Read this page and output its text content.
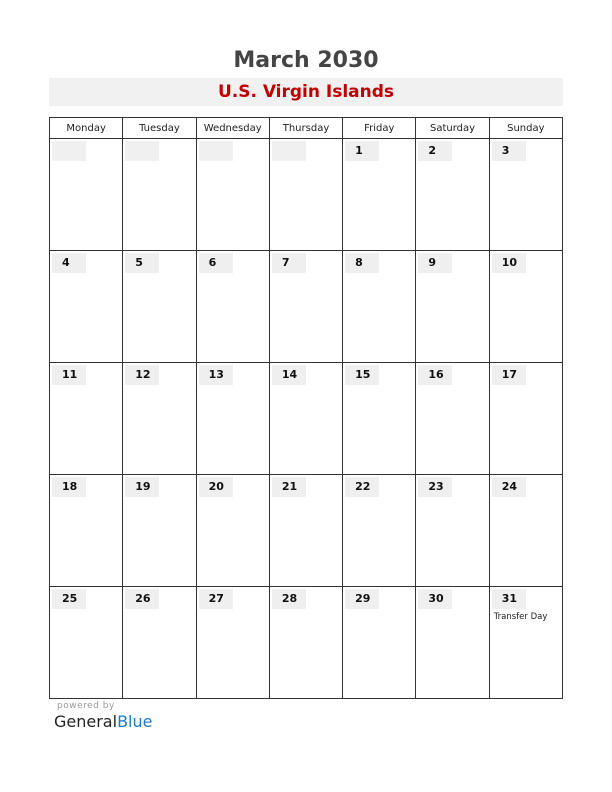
March 2030
U.S. Virgin Islands
Monday	Tuesday	Wednesday	Thursday	Friday	Saturday	Sunday

				1	2	3

4	5	6	7	8	9	10

11	12	13	14	15	16	17

18	19	20	21	22	23	24

25	26	27	28	29	30	31
Transfer Day
powered by
GeneralBlue
